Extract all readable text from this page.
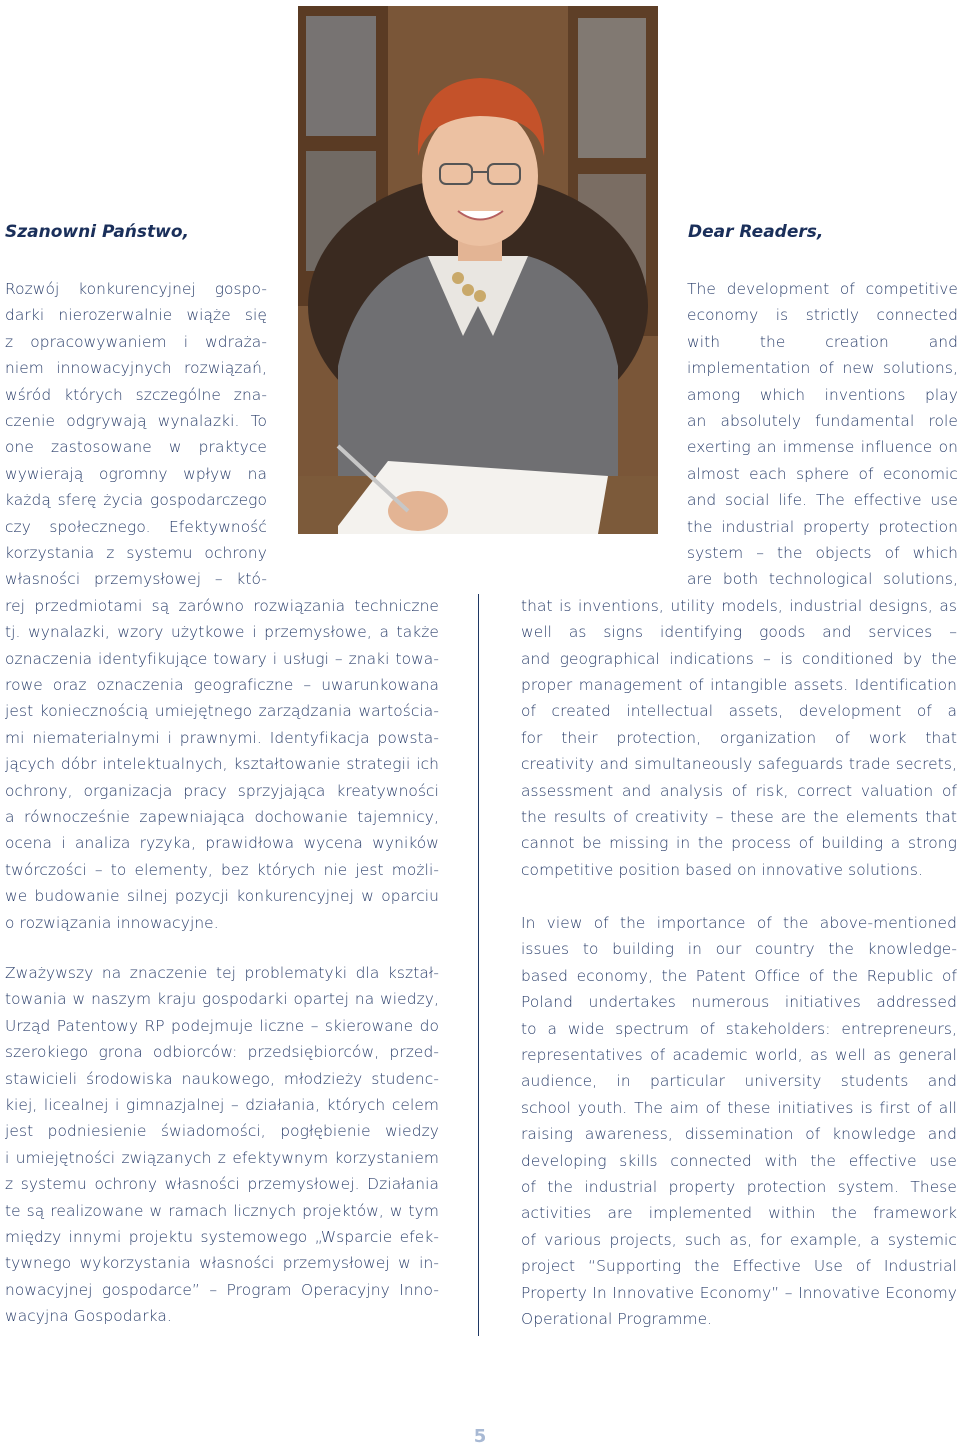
Szanowni Państwo,	Dear Readers,

Rozwój konkurencyjnej gospo-
darki nierozerwalnie wiąże się
z opracowywaniem i wdraża-
niem innowacyjnych rozwiązań,
wśród których szczególne zna-
czenie odgrywają wynalazki. To
one zastosowane w praktyce
wywierają ogromny wpływ na
każdą sferę życia gospodarczego
czy społecznego. Efektywność
korzystania z systemu ochrony
własności przemysłowej – któ-
rej przedmiotami są zarówno rozwiązania techniczne
tj. wynalazki, wzory użytkowe i przemysłowe, a także
oznaczenia identyfikujące towary i usługi – znaki towa-
rowe oraz oznaczenia geograficzne – uwarunkowana
jest koniecznością umiejętnego zarządzania wartościa-
mi niematerialnymi i prawnymi. Identyfikacja powsta-
jących dóbr intelektualnych, kształtowanie strategii ich
ochrony, organizacja pracy sprzyjająca kreatywności
a równocześnie zapewniająca dochowanie tajemnicy,
ocena i analiza ryzyka, prawidłowa wycena wyników
twórczości – to elementy, bez których nie jest możli-
we budowanie silnej pozycji konkurencyjnej w oparciu
o rozwiązania innowacyjne.
Zważywszy na znaczenie tej problematyki dla kształ-
towania w naszym kraju gospodarki opartej na wiedzy,
Urząd Patentowy RP podejmuje liczne – skierowane do
szerokiego grona odbiorców: przedsiębiorców, przed-
stawicieli środowiska naukowego, młodzieży studenc-
kiej, licealnej i gimnazjalnej – działania, których celem
jest podniesienie świadomości, pogłębienie wiedzy
i umiejętności związanych z efektywnym korzystaniem
z systemu ochrony własności przemysłowej. Działania
te są realizowane w ramach licznych projektów, w tym
między innymi projektu systemowego „Wsparcie efek-
tywnego wykorzystania własności przemysłowej w in-
nowacyjnej gospodarce” – Program Operacyjny Inno-
wacyjna Gospodarka.
The development of competitive
economy is strictly connected
with the creation and
implementation of new solutions,
among which inventions play
an absolutely fundamental role
exerting an immense influence on
almost each sphere of economic
and social life. The effective use
the industrial property protection
system – the objects of which
are both technological solutions,
that is inventions, utility models, industrial designs, as
well as signs identifying goods and services –
and geographical indications – is conditioned by the
proper management of intangible assets. Identification
of created intellectual assets, development of a
for their protection, organization of work that
creativity and simultaneously safeguards trade secrets,
assessment and analysis of risk, correct valuation of
the results of creativity – these are the elements that
cannot be missing in the process of building a strong
competitive position based on innovative solutions.
In view of the importance of the above-mentioned
issues to building in our country the knowledge-
based economy, the Patent Office of the Republic of
Poland undertakes numerous initiatives addressed
to a wide spectrum of stakeholders: entrepreneurs,
representatives of academic world, as well as general
audience, in particular university students and
school youth. The aim of these initiatives is first of all
raising awareness, dissemination of knowledge and
developing skills connected with the effective use
of the industrial property protection system. These
activities are implemented within the framework
of various projects, such as, for example, a systemic
project “Supporting the Effective Use of Industrial
Property In Innovative Economy” – Innovative Economy
Operational Programme.
5
